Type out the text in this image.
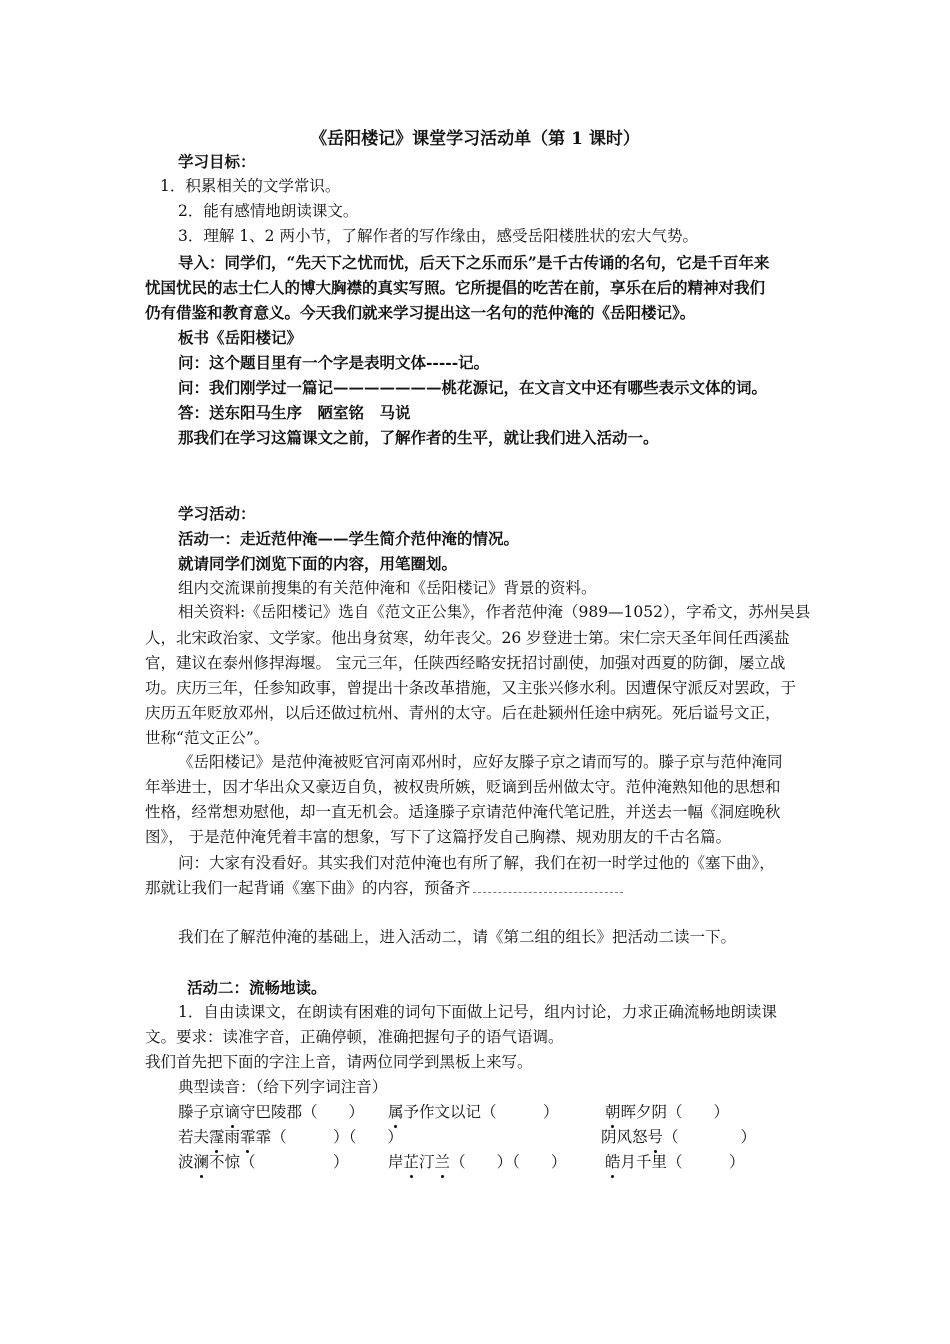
《岳阳楼记》课堂学习活动单（第 1 课时）
学习目标：
1．积累相关的文学常识。
2．能有感情地朗读课文。
3．理解 1、2 两小节，了解作者的写作缘由，感受岳阳楼胜状的宏大气势。
导入：同学们，“先天下之忧而忧，后天下之乐而乐”是千古传诵的名句，它是千百年来
忧国忧民的志士仁人的博大胸襟的真实写照。它所提倡的吃苦在前，享乐在后的精神对我们
仍有借鉴和教育意义。今天我们就来学习提出这一名句的范仲淹的《岳阳楼记》。
板书《岳阳楼记》
问：这个题目里有一个字是表明文体-----记。
问：我们刚学过一篇记———————桃花源记，在文言文中还有哪些表示文体的词。
答：送东阳马生序　陋室铭　马说
那我们在学习这篇课文之前，了解作者的生平，就让我们进入活动一。
学习活动：
活动一：走近范仲淹——学生简介范仲淹的情况。
就请同学们浏览下面的内容，用笔圈划。
组内交流课前搜集的有关范仲淹和《岳阳楼记》背景的资料。
相关资料:《岳阳楼记》选自《范文正公集》，作者范仲淹（989—1052），字希文，苏州吴县
人，北宋政治家、文学家。他出身贫寒，幼年丧父。26 岁登进士第。宋仁宗天圣年间任西溪盐
官，建议在泰州修捍海堰。 宝元三年，任陕西经略安抚招讨副使，加强对西夏的防御，屡立战
功。庆历三年，任参知政事，曾提出十条改革措施，又主张兴修水利。因遭保守派反对罢政，于
庆历五年贬放邓州，以后还做过杭州、青州的太守。后在赴颍州任途中病死。死后谥号文正，
世称“范文正公”。
《岳阳楼记》是范仲淹被贬官河南邓州时，应好友滕子京之请而写的。滕子京与范仲淹同
年举进士，因才华出众又豪迈自负，被权贵所嫉，贬谪到岳州做太守。范仲淹熟知他的思想和
性格，经常想劝慰他，却一直无机会。适逢滕子京请范仲淹代笔记胜，并送去一幅《洞庭晚秋
图》， 于是范仲淹凭着丰富的想象，写下了这篇抒发自己胸襟、规劝朋友的千古名篇。
问：大家有没看好。其实我们对范仲淹也有所了解，我们在初一时学过他的《塞下曲》，
那就让我们一起背诵《塞下曲》的内容，预备齐
我们在了解范仲淹的基础上，进入活动二，请《第二组的组长》把活动二读一下。
活动二：流畅地读。
1．自由读课文，在朗读有困难的词句下面做上记号，组内讨论，力求正确流畅地朗读课
文。要求：读准字音，正确停顿，准确把握句子的语气语调。
我们首先把下面的字注上音，请两位同学到黑板上来写。
典型读音：（给下列字词注音）
滕子京谪守巴陵郡（　　） 属予作文以记（　　　）	朝晖夕阴（　　）
若夫霪雨霏霏（　　　）（　　）	阴风怒号（　　　　）
波澜不惊（　　　　　）	岸芷汀兰（　　）（　　） 皓月千里（　　　）
